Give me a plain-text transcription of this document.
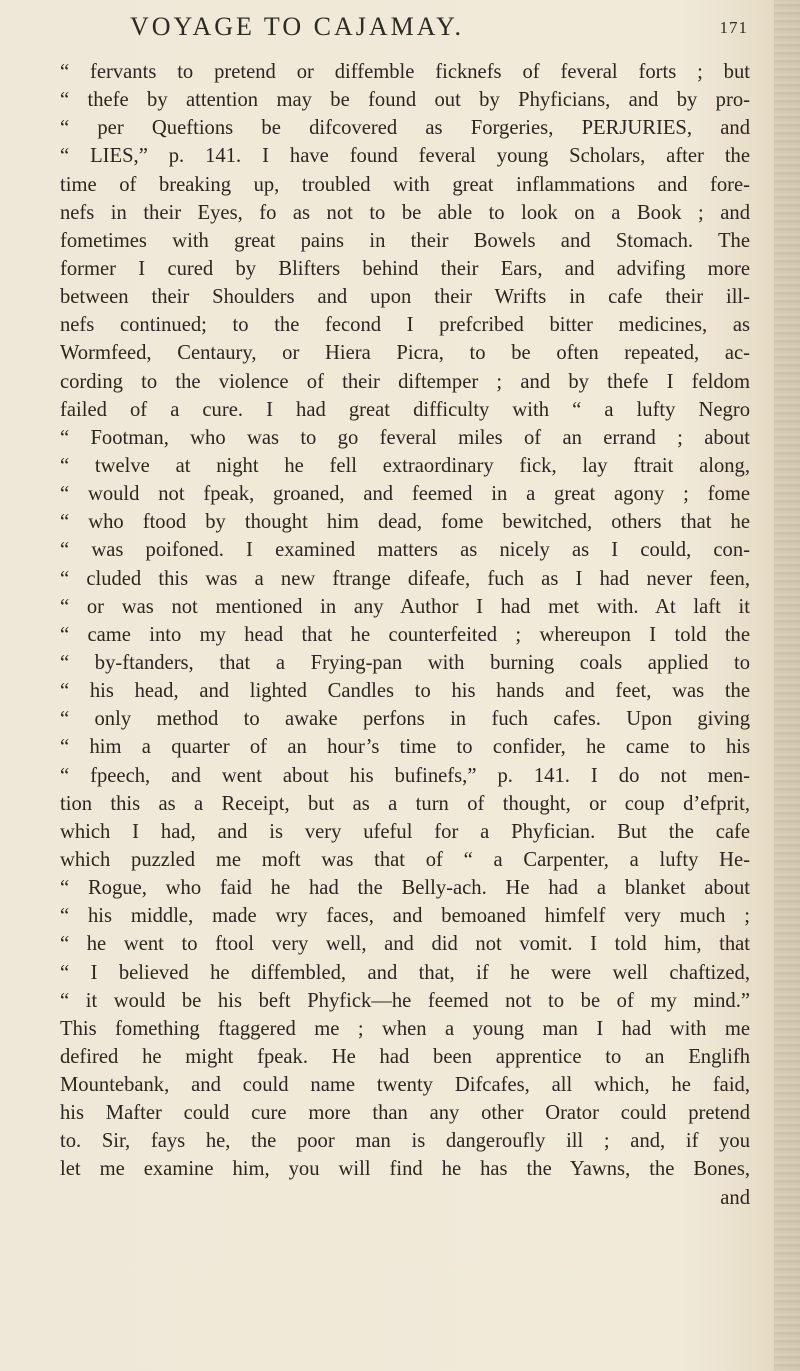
VOYAGE TO CAJAMAY.	171
“ fervants to pretend or diffemble ficknefs of feveral forts ; but
“ thefe by attention may be found out by Phyficians, and by pro-
“ per Queftions be difcovered as Forgeries, PERJURIES, and
“ LIES,” p. 141. I have found feveral young Scholars, after the
time of breaking up, troubled with great inflammations and fore-
nefs in their Eyes, fo as not to be able to look on a Book ; and
fometimes with great pains in their Bowels and Stomach. The
former I cured by Blifters behind their Ears, and advifing more
between their Shoulders and upon their Wrifts in cafe their ill-
nefs continued; to the fecond I prefcribed bitter medicines, as
Wormfeed, Centaury, or Hiera Picra, to be often repeated, ac-
cording to the violence of their diftemper ; and by thefe I feldom
failed of a cure. I had great difficulty with “ a lufty Negro
“ Footman, who was to go feveral miles of an errand ; about
“ twelve at night he fell extraordinary fick, lay ftrait along,
“ would not fpeak, groaned, and feemed in a great agony ; fome
“ who ftood by thought him dead, fome bewitched, others that he
“ was poifoned. I examined matters as nicely as I could, con-
“ cluded this was a new ftrange difeafe, fuch as I had never feen,
“ or was not mentioned in any Author I had met with. At laft it
“ came into my head that he counterfeited ; whereupon I told the
“ by-ftanders, that a Frying-pan with burning coals applied to
“ his head, and lighted Candles to his hands and feet, was the
“ only method to awake perfons in fuch cafes. Upon giving
“ him a quarter of an hour’s time to confider, he came to his
“ fpeech, and went about his bufinefs,” p. 141. I do not men-
tion this as a Receipt, but as a turn of thought, or coup d’efprit,
which I had, and is very ufeful for a Phyfician. But the cafe
which puzzled me moft was that of “ a Carpenter, a lufty He-
“ Rogue, who faid he had the Belly-ach. He had a blanket about
“ his middle, made wry faces, and bemoaned himfelf very much ;
“ he went to ftool very well, and did not vomit. I told him, that
“ I believed he diffembled, and that, if he were well chaftized,
“ it would be his beft Phyfick—he feemed not to be of my mind.”
This fomething ftaggered me ; when a young man I had with me
defired he might fpeak. He had been apprentice to an Englifh
Mountebank, and could name twenty Difcafes, all which, he faid,
his Mafter could cure more than any other Orator could pretend
to. Sir, fays he, the poor man is dangeroufly ill ; and, if you
let me examine him, you will find he has the Yawns, the Bones,
and
